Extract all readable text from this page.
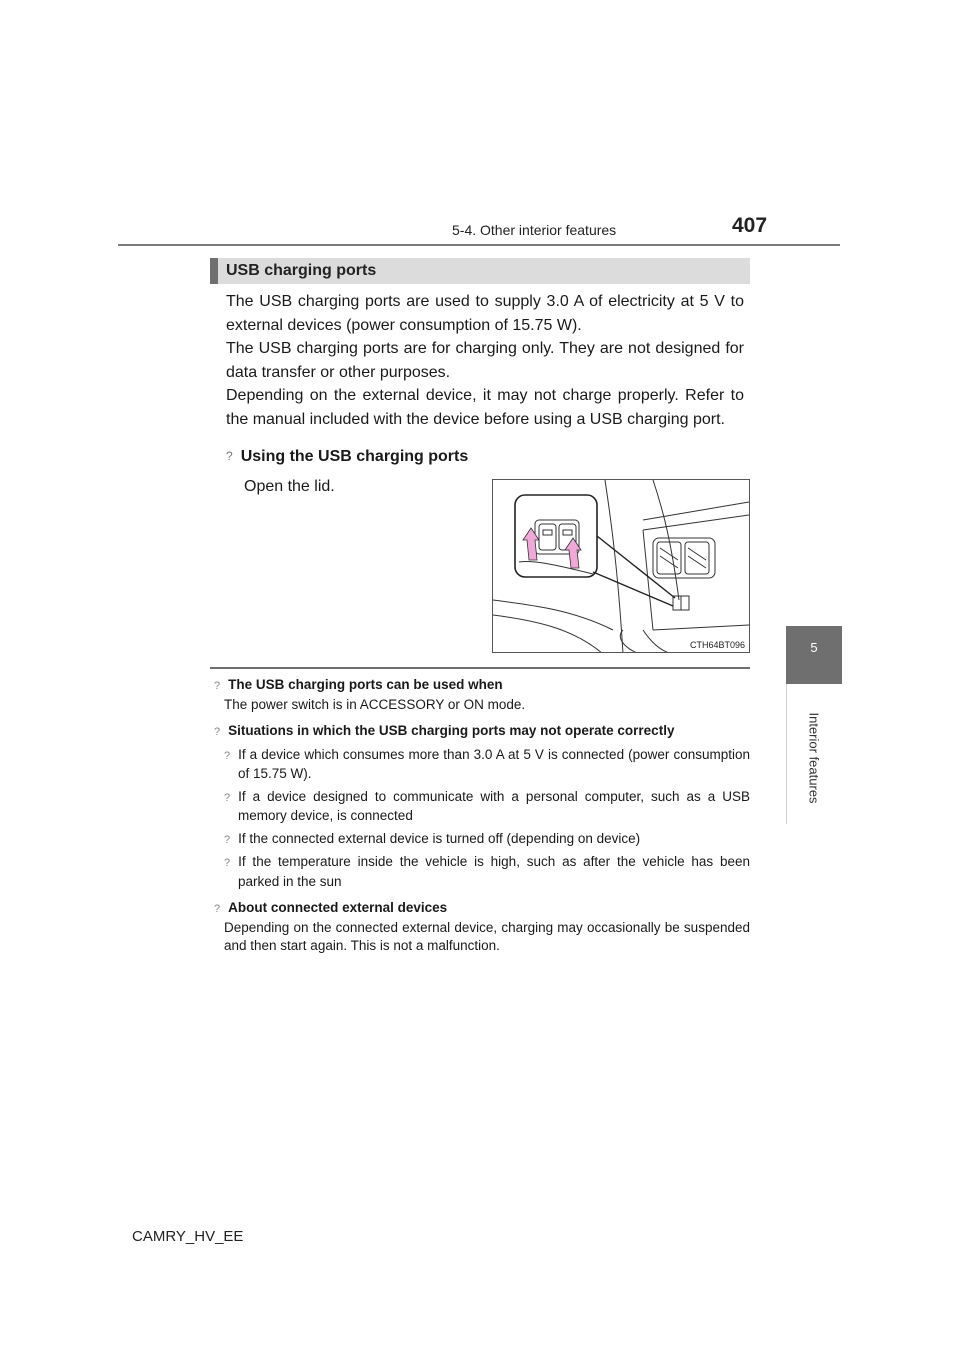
5-4. Other interior features	407
5
Interior features
USB charging ports

The USB charging ports are used to supply 3.0 A of electricity at 5 V to external devices (power consumption of 15.75 W).

The USB charging ports are for charging only. They are not designed for data transfer or other purposes.

Depending on the external device, it may not charge properly. Refer to the manual included with the device before using a USB charging port.

? Using the USB charging ports
Open the lid.
CTH64BT096
? The USB charging ports can be used when
The power switch is in ACCESSORY or ON mode.
? Situations in which the USB charging ports may not operate correctly
? If a device which consumes more than 3.0 A at 5 V is connected (power consumption of 15.75 W).
? If a device designed to communicate with a personal computer, such as a USB memory device, is connected
? If the connected external device is turned off (depending on device)
? If the temperature inside the vehicle is high, such as after the vehicle has been parked in the sun
? About connected external devices
Depending on the connected external device, charging may occasionally be suspended and then start again. This is not a malfunction.
CAMRY_HV_EE
